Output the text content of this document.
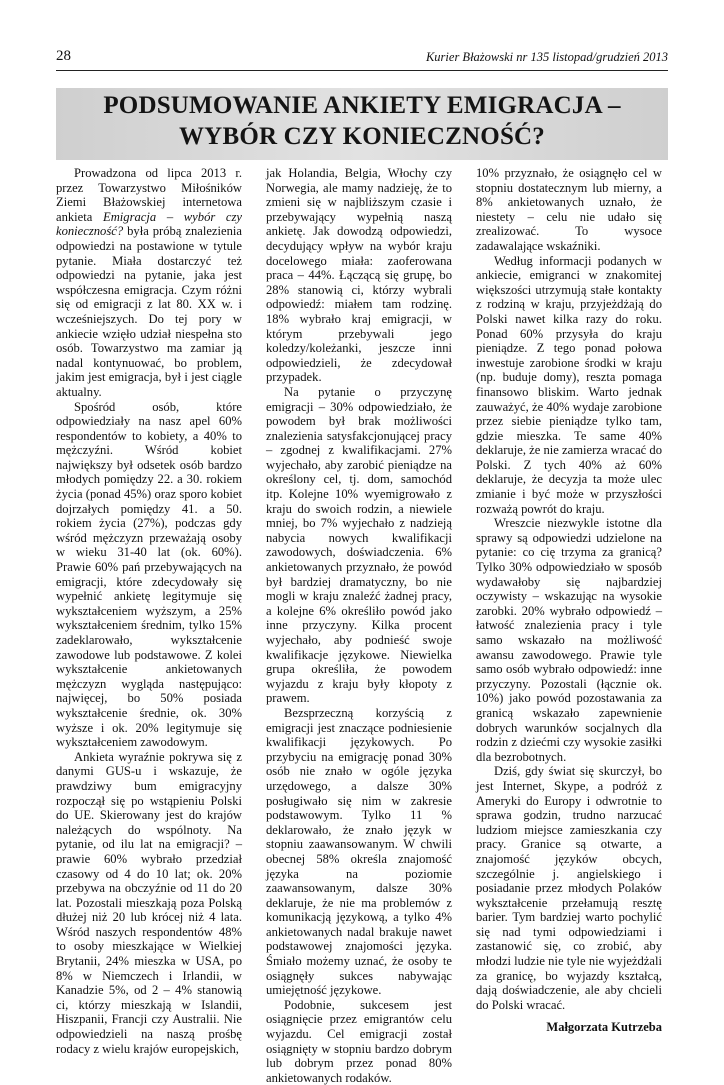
28	Kurier Błażowski nr 135 listopad/grudzień 2013
PODSUMOWANIE ANKIETY EMIGRACJA –
WYBÓR CZY KONIECZNOŚĆ?

Prowadzona od lipca 2013 r. przez Towarzystwo Miłośników Ziemi Błażowskiej internetowa ankieta Emigracja – wybór czy konieczność? była próbą znalezienia odpowiedzi na postawione w tytule pytanie. Miała dostarczyć też odpowiedzi na pytanie, jaka jest współczesna emigracja. Czym różni się od emigracji z lat 80. XX w. i wcześniejszych. Do tej pory w ankiecie wzięło udział niespełna sto osób. Towarzystwo ma zamiar ją nadal kontynuować, bo problem, jakim jest emigracja, był i jest ciągle aktualny.

Spośród osób, które odpowiedziały na nasz apel 60% respondentów to kobiety, a 40% to mężczyźni. Wśród kobiet największy był odsetek osób bardzo młodych pomiędzy 22. a 30. rokiem życia (ponad 45%) oraz sporo kobiet dojrzałych pomiędzy 41. a 50. rokiem życia (27%), podczas gdy wśród mężczyzn przeważają osoby w wieku 31-40 lat (ok. 60%). Prawie 60% pań przebywających na emigracji, które zdecydowały się wypełnić ankietę legitymuje się wykształceniem wyższym, a 25% wykształceniem średnim, tylko 15% zadeklarowało, wykształcenie zawodowe lub podstawowe. Z kolei wykształcenie ankietowanych mężczyzn wygląda następująco: najwięcej, bo 50% posiada wykształcenie średnie, ok. 30% wyższe i ok. 20% legitymuje się wykształceniem zawodowym.

Ankieta wyraźnie pokrywa się z danymi GUS-u i wskazuje, że prawdziwy bum emigracyjny rozpoczął się po wstąpieniu Polski do UE. Skierowany jest do krajów należących do wspólnoty. Na pytanie, od ilu lat na emigracji? – prawie 60% wybrało przedział czasowy od 4 do 10 lat; ok. 20% przebywa na obczyźnie od 11 do 20 lat. Pozostali mieszkają poza Polską dłużej niż 20 lub krócej niż 4 lata. Wśród naszych respondentów 48% to osoby mieszkające w Wielkiej Brytanii, 24% mieszka w USA, po 8% w Niemczech i Irlandii, w Kanadzie 5%, od 2 – 4% stanowią ci, którzy mieszkają w Islandii, Hiszpanii, Francji czy Australii. Nie odpowiedzieli na naszą prośbę rodacy z wielu krajów europejskich,

jak Holandia, Belgia, Włochy czy Norwegia, ale mamy nadzieję, że to zmieni się w najbliższym czasie i przebywający wypełnią naszą ankietę. Jak dowodzą odpowiedzi, decydujący wpływ na wybór kraju docelowego miała: zaoferowana praca – 44%. Łączącą się grupę, bo 28% stanowią ci, którzy wybrali odpowiedź: miałem tam rodzinę. 18% wybrało kraj emigracji, w którym przebywali jego koledzy/koleżanki, jeszcze inni odpowiedzieli, że zdecydował przypadek.

Na pytanie o przyczynę emigracji – 30% odpowiedziało, że powodem był brak możliwości znalezienia satysfakcjonującej pracy – zgodnej z kwalifikacjami. 27% wyjechało, aby zarobić pieniądze na określony cel, tj. dom, samochód itp. Kolejne 10% wyemigrowało z kraju do swoich rodzin, a niewiele mniej, bo 7% wyjechało z nadzieją nabycia nowych kwalifikacji zawodowych, doświadczenia. 6% ankietowanych przyznało, że powód był bardziej dramatyczny, bo nie mogli w kraju znaleźć żadnej pracy, a kolejne 6% określiło powód jako inne przyczyny. Kilka procent wyjechało, aby podnieść swoje kwalifikacje językowe. Niewielka grupa określiła, że powodem wyjazdu z kraju były kłopoty z prawem.

Bezsprzeczną korzyścią z emigracji jest znaczące podniesienie kwalifikacji językowych. Po przybyciu na emigrację ponad 30% osób nie znało w ogóle języka urzędowego, a dalsze 30% posługiwało się nim w zakresie podstawowym. Tylko 11 % deklarowało, że znało język w stopniu zaawansowanym. W chwili obecnej 58% określa znajomość języka na poziomie zaawansowanym, dalsze 30% deklaruje, że nie ma problemów z komunikacją językową, a tylko 4% ankietowanych nadal brakuje nawet podstawowej znajomości języka. Śmiało możemy uznać, że osoby te osiągnęły sukces nabywając umiejętność językowe.

Podobnie, sukcesem jest osiągnięcie przez emigrantów celu wyjazdu. Cel emigracji został osiągnięty w stopniu bardzo dobrym lub dobrym przez ponad 80% ankietowanych rodaków.

10% przyznało, że osiągnęło cel w stopniu dostatecznym lub mierny, a 8% ankietowanych uznało, że niestety – celu nie udało się zrealizować. To wysoce zadawalające wskaźniki.

Według informacji podanych w ankiecie, emigranci w znakomitej większości utrzymują stałe kontakty z rodziną w kraju, przyjeżdżają do Polski nawet kilka razy do roku. Ponad 60% przysyła do kraju pieniądze. Z tego ponad połowa inwestuje zarobione środki w kraju (np. buduje domy), reszta pomaga finansowo bliskim. Warto jednak zauważyć, że 40% wydaje zarobione przez siebie pieniądze tylko tam, gdzie mieszka. Te same 40% deklaruje, że nie zamierza wracać do Polski. Z tych 40% aż 60% deklaruje, że decyzja ta może ulec zmianie i być może w przyszłości rozważą powrót do kraju.

Wreszcie niezwykle istotne dla sprawy są odpowiedzi udzielone na pytanie: co cię trzyma za granicą? Tylko 30% odpowiedziało w sposób wydawałoby się najbardziej oczywisty – wskazując na wysokie zarobki. 20% wybrało odpowiedź – łatwość znalezienia pracy i tyle samo wskazało na możliwość awansu zawodowego. Prawie tyle samo osób wybrało odpowiedź: inne przyczyny. Pozostali (łącznie ok. 10%) jako powód pozostawania za granicą wskazało zapewnienie dobrych warunków socjalnych dla rodzin z dziećmi czy wysokie zasiłki dla bezrobotnych.

Dziś, gdy świat się skurczył, bo jest Internet, Skype, a podróż z Ameryki do Europy i odwrotnie to sprawa godzin, trudno narzucać ludziom miejsce zamieszkania czy pracy. Granice są otwarte, a znajomość języków obcych, szczególnie j. angielskiego i posiadanie przez młodych Polaków wykształcenie przełamują resztę barier. Tym bardziej warto pochylić się nad tymi odpowiedziami i zastanowić się, co zrobić, aby młodzi ludzie nie tyle nie wyjeżdżali za granicę, bo wyjazdy kształcą, dają doświadczenie, ale aby chcieli do Polski wracać.

Małgorzata Kutrzeba
